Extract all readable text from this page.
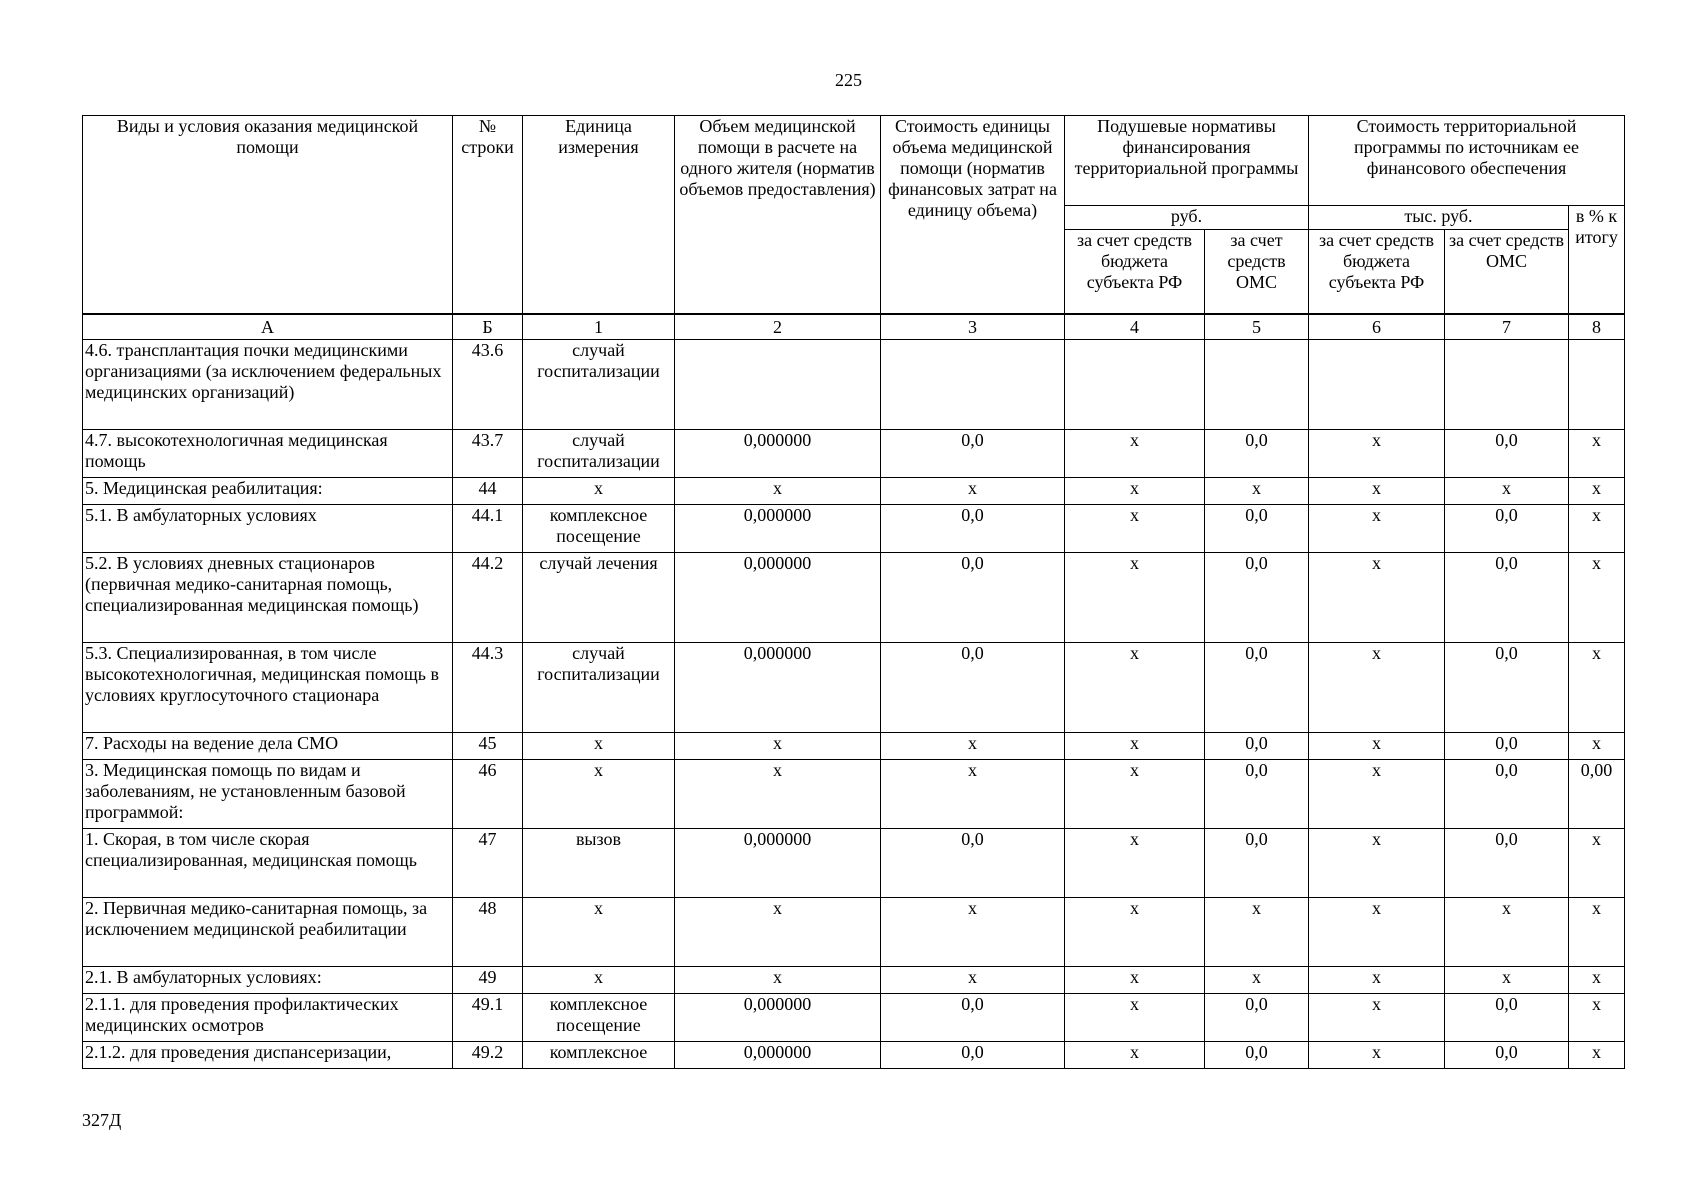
225
Виды и условия оказания медицинской помощи	№ строки	Единица измерения	Объем медицинской помощи в расчете на одного жителя (норматив объемов предоставления)	Стоимость единицы объема медицинской помощи (норматив финансовых затрат на единицу объема)	Подушевые нормативы финансирования территориальной программы		Стоимость территориальной программы по источникам ее финансового обеспечения		
					руб.		тыс. руб.		в % к итогу
					за счет средств бюджета субъекта РФ	за счет средств ОМС	за счет средств бюджета субъекта РФ	за счет средств ОМС	
А	Б	1	2	3	4	5	6	7	8
4.6. трансплантация почки медицинскими организациями (за исключением федеральных медицинских организаций)	43.6	случай госпитализации							
4.7. высокотехнологичная медицинская помощь	43.7	случай госпитализации	0,000000	0,0	х	0,0	х	0,0	х
5. Медицинская реабилитация:	44	х	х	х	х	х	х	х	х
5.1. В амбулаторных условиях	44.1	комплексное посещение	0,000000	0,0	х	0,0	х	0,0	х
5.2. В условиях дневных стационаров (первичная медико-санитарная помощь, специализированная медицинская помощь)	44.2	случай лечения	0,000000	0,0	х	0,0	х	0,0	х
5.3. Специализированная, в том числе высокотехнологичная, медицинская помощь в условиях круглосуточного стационара	44.3	случай госпитализации	0,000000	0,0	х	0,0	х	0,0	х
7. Расходы на ведение дела СМО	45	х	х	х	х	0,0	х	0,0	х
3. Медицинская помощь по видам и заболеваниям, не установленным базовой программой:	46	х	х	х	х	0,0	х	0,0	0,00
1. Скорая, в том числе скорая специализированная, медицинская помощь	47	вызов	0,000000	0,0	х	0,0	х	0,0	х
2. Первичная медико-санитарная помощь, за исключением медицинской реабилитации	48	х	х	х	х	х	х	х	х
2.1. В амбулаторных условиях:	49	х	х	х	х	х	х	х	х
2.1.1. для проведения профилактических медицинских осмотров	49.1	комплексное посещение	0,000000	0,0	х	0,0	х	0,0	х
2.1.2. для проведения диспансеризации,	49.2	комплексное	0,000000	0,0	х	0,0	х	0,0	х
327Д
